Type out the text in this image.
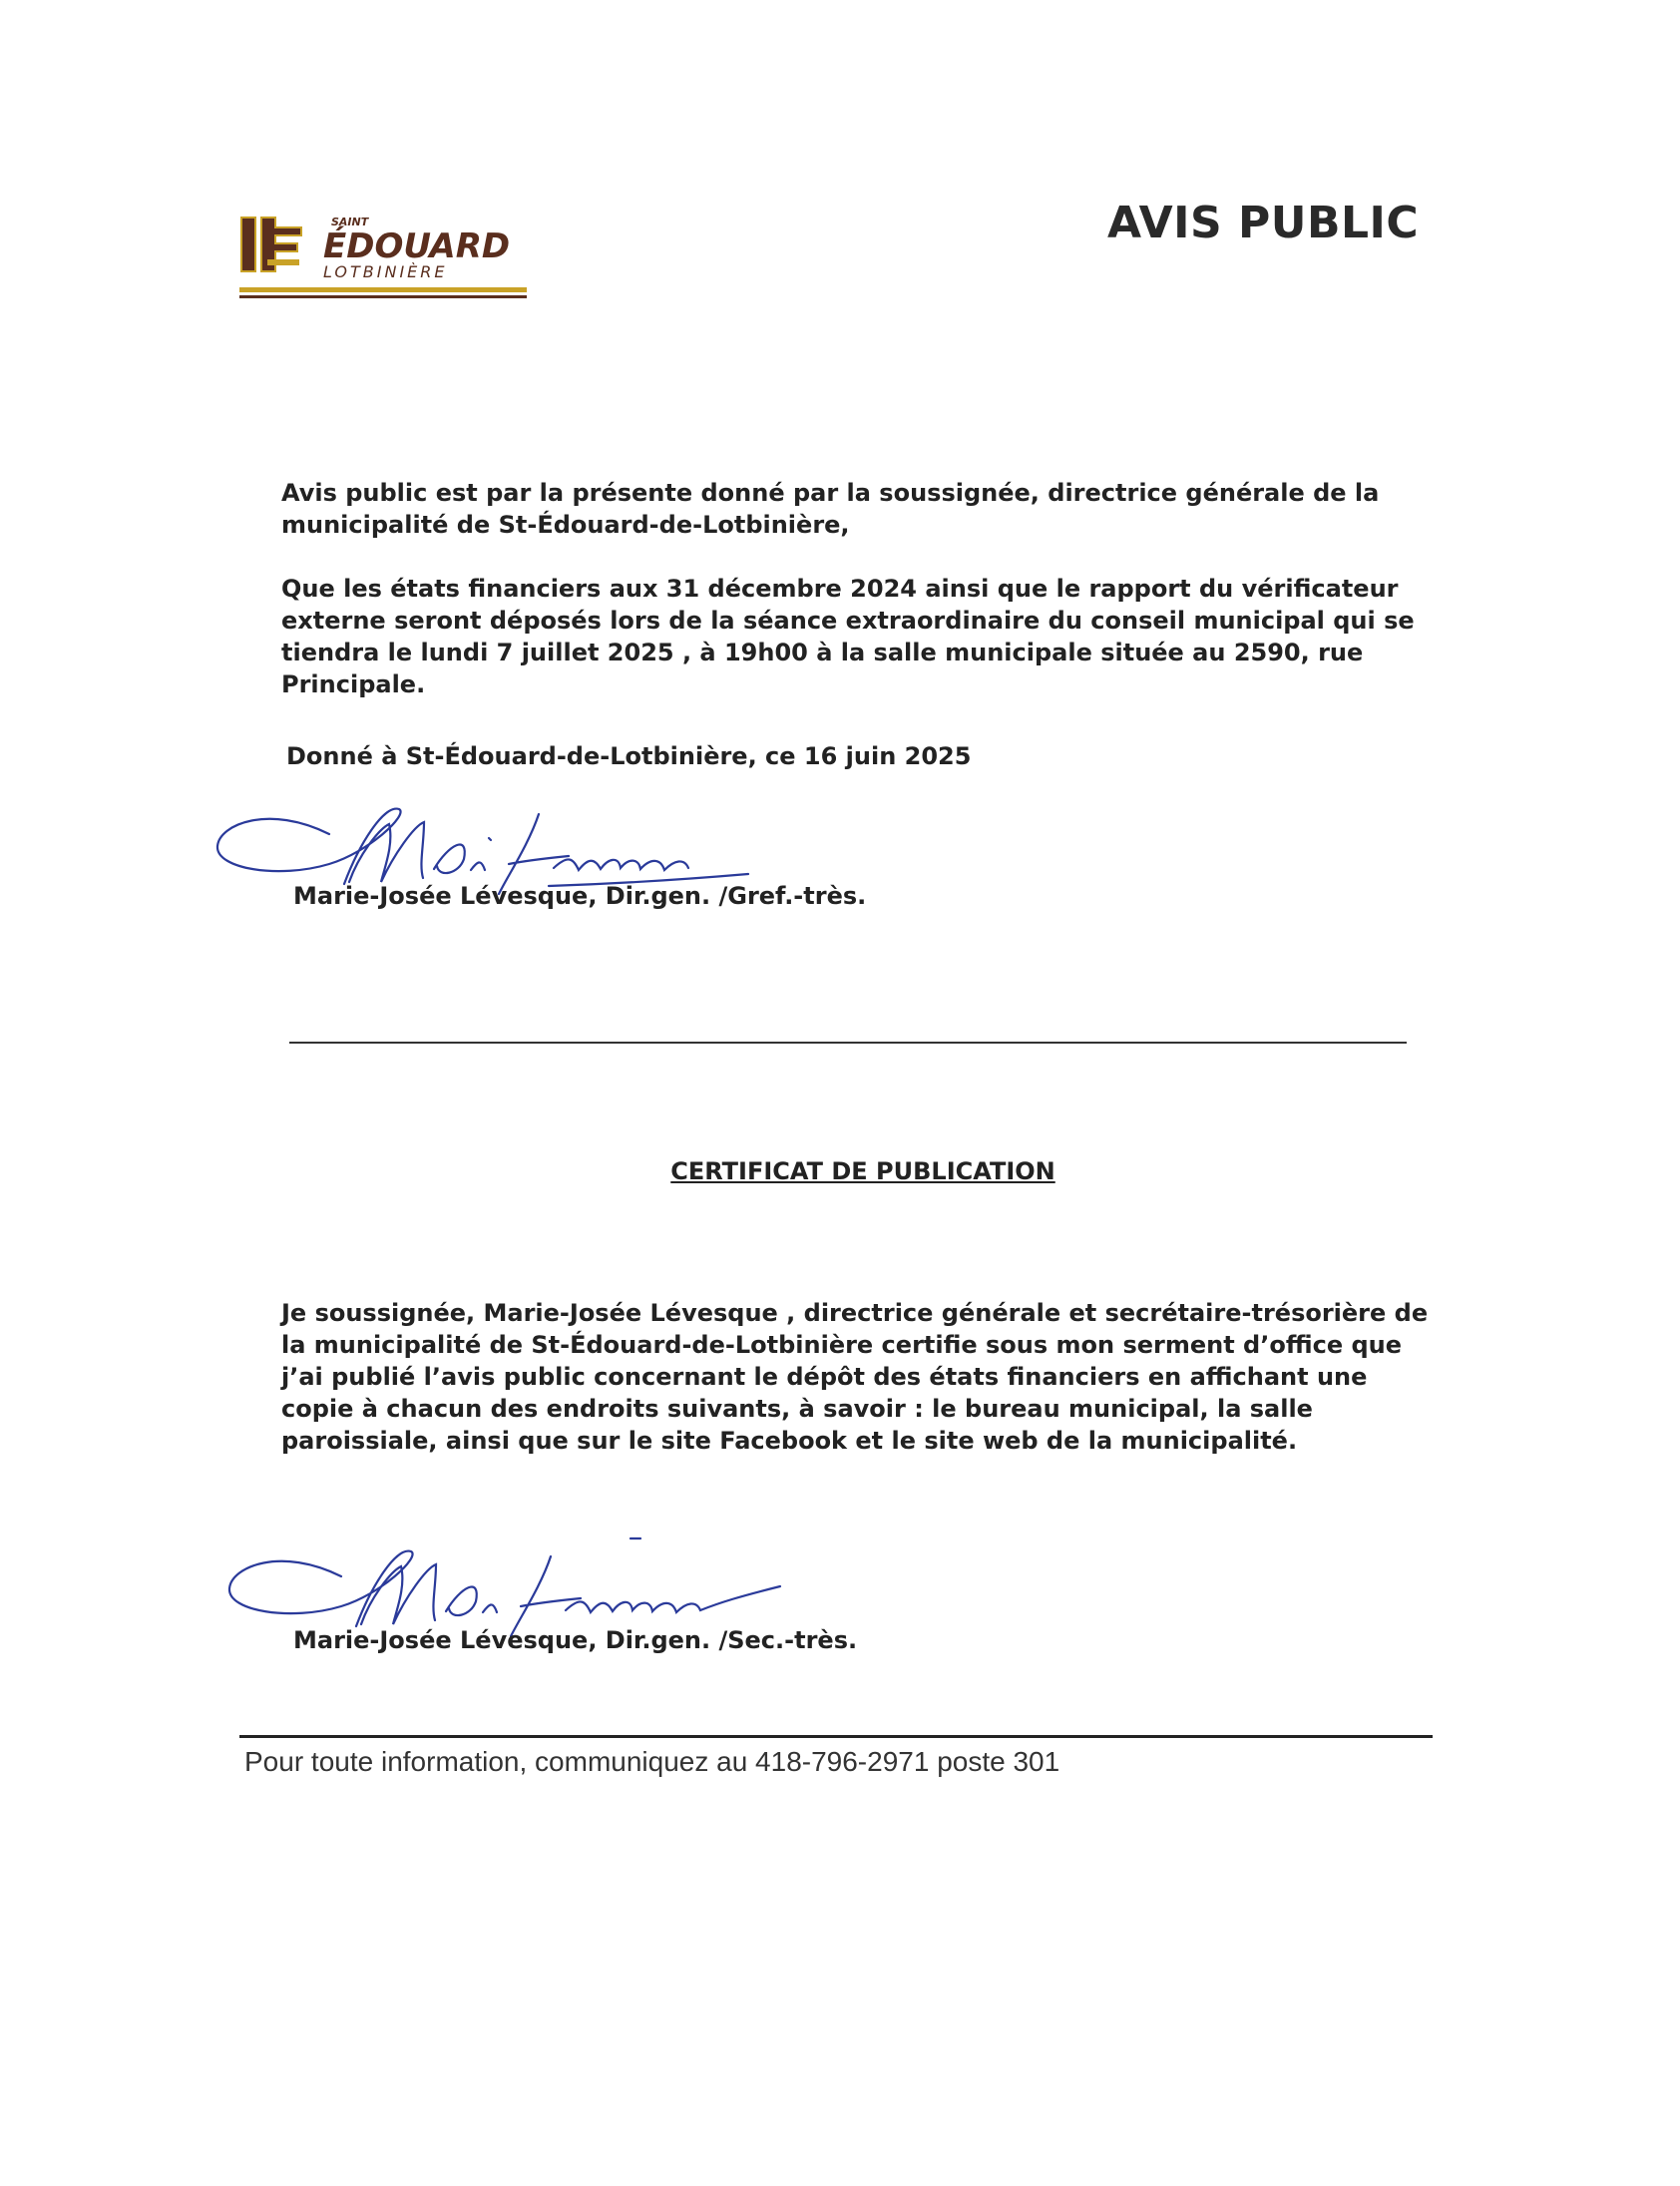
SAINT
ÉDOUARD
LOTBINIÈRE
AVIS PUBLIC
Avis public est par la présente donné par la soussignée, directrice générale de la municipalité de St-Édouard-de-Lotbinière,
Que les états financiers aux 31 décembre 2024 ainsi que le rapport du vérificateur externe seront déposés lors de la séance extraordinaire du conseil municipal qui se tiendra le lundi 7 juillet 2025 , à 19h00 à la salle municipale située au 2590, rue Principale.
Donné à St-Édouard-de-Lotbinière, ce 16 juin 2025
Marie-Josée Lévesque, Dir.gen. /Gref.-très.
CERTIFICAT DE PUBLICATION
Je soussignée, Marie-Josée Lévesque , directrice générale et secrétaire-trésorière de la municipalité de St-Édouard-de-Lotbinière certifie sous mon serment d’office que j’ai publié l’avis public concernant le dépôt des états financiers en affichant une copie à chacun des endroits suivants, à savoir : le bureau municipal, la salle paroissiale, ainsi que sur le site Facebook et le site web de la municipalité.
Marie-Josée Lévesque, Dir.gen. /Sec.-très.
Pour toute information, communiquez au 418-796-2971 poste 301
